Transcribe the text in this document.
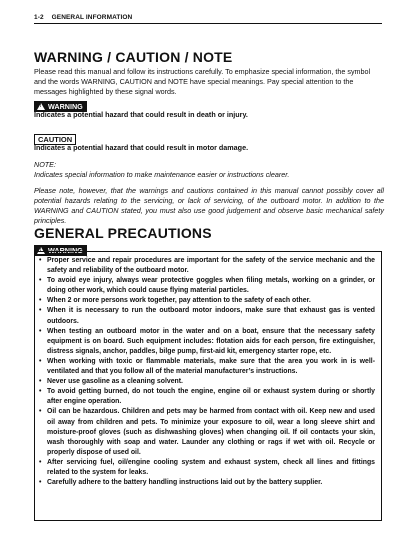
1-2 GENERAL INFORMATION
WARNING / CAUTION / NOTE
Please read this manual and follow its instructions carefully. To emphasize special information, the symbol and the words WARNING, CAUTION and NOTE have special meanings. Pay special attention to the messages highlighted by these signal words.
!
WARNING
Indicates a potential hazard that could result in death or injury.
CAUTION
Indicates a potential hazard that could result in motor damage.
NOTE:
Indicates special information to make maintenance easier or instructions clearer.
Please note, however, that the warnings and cautions contained in this manual cannot possibly cover all potential hazards relating to the servicing, or lack of servicing, of the outboard motor. In addition to the WARNING and CAUTION stated, you must also use good judgement and observe basic mechanical safety principles.
GENERAL PRECAUTIONS
!
WARNING
• Proper service and repair procedures are important for the safety of the service mechanic and the safety and reliability of the outboard motor.
• To avoid eye injury, always wear protective goggles when filing metals, working on a grinder, or doing other work, which could cause flying material particles.
• When 2 or more persons work together, pay attention to the safety of each other.
• When it is necessary to run the outboard motor indoors, make sure that exhaust gas is vented outdoors.
• When testing an outboard motor in the water and on a boat, ensure that the necessary safety equipment is on board. Such equipment includes: flotation aids for each person, fire extinguisher, distress signals, anchor, paddles, bilge pump, first-aid kit, emergency starter rope, etc.
• When working with toxic or flammable materials, make sure that the area you work in is well-ventilated and that you follow all of the material manufacturer’s instructions.
• Never use gasoline as a cleaning solvent.
• To avoid getting burned, do not touch the engine, engine oil or exhaust system during or shortly after engine operation.
• Oil can be hazardous. Children and pets may be harmed from contact with oil. Keep new and used oil away from children and pets. To minimize your exposure to oil, wear a long sleeve shirt and moisture-proof gloves (such as dishwashing gloves) when changing oil. If oil contacts your skin, wash thoroughly with soap and water. Launder any clothing or rags if wet with oil. Recycle or properly dispose of used oil.
• After servicing fuel, oil/engine cooling system and exhaust system, check all lines and fittings related to the system for leaks.
• Carefully adhere to the battery handling instructions laid out by the battery supplier.
